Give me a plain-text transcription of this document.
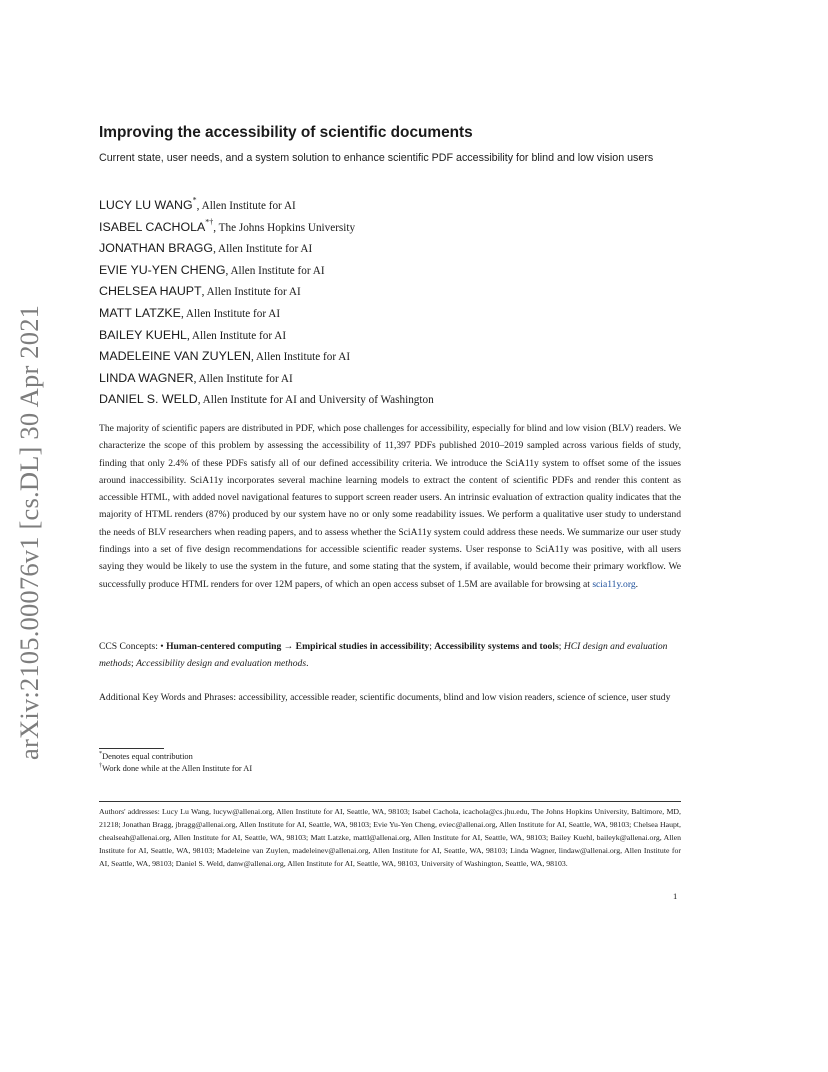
arXiv:2105.00076v1 [cs.DL] 30 Apr 2021
Improving the accessibility of scientific documents
Current state, user needs, and a system solution to enhance scientific PDF accessibility for blind and low vision users
LUCY LU WANG*, Allen Institute for AI
ISABEL CACHOLA*†, The Johns Hopkins University
JONATHAN BRAGG, Allen Institute for AI
EVIE YU-YEN CHENG, Allen Institute for AI
CHELSEA HAUPT, Allen Institute for AI
MATT LATZKE, Allen Institute for AI
BAILEY KUEHL, Allen Institute for AI
MADELEINE VAN ZUYLEN, Allen Institute for AI
LINDA WAGNER, Allen Institute for AI
DANIEL S. WELD, Allen Institute for AI and University of Washington
The majority of scientific papers are distributed in PDF, which pose challenges for accessibility, especially for blind and low vision (BLV) readers. We characterize the scope of this problem by assessing the accessibility of 11,397 PDFs published 2010–2019 sampled across various fields of study, finding that only 2.4% of these PDFs satisfy all of our defined accessibility criteria. We introduce the SciA11y system to offset some of the issues around inaccessibility. SciA11y incorporates several machine learning models to extract the content of scientific PDFs and render this content as accessible HTML, with added novel navigational features to support screen reader users. An intrinsic evaluation of extraction quality indicates that the majority of HTML renders (87%) produced by our system have no or only some readability issues. We perform a qualitative user study to understand the needs of BLV researchers when reading papers, and to assess whether the SciA11y system could address these needs. We summarize our user study findings into a set of five design recommendations for accessible scientific reader systems. User response to SciA11y was positive, with all users saying they would be likely to use the system in the future, and some stating that the system, if available, would become their primary workflow. We successfully produce HTML renders for over 12M papers, of which an open access subset of 1.5M are available for browsing at scia11y.org.
CCS Concepts: • Human-centered computing → Empirical studies in accessibility; Accessibility systems and tools; HCI design and evaluation methods; Accessibility design and evaluation methods.
Additional Key Words and Phrases: accessibility, accessible reader, scientific documents, blind and low vision readers, science of science, user study
*Denotes equal contribution
†Work done while at the Allen Institute for AI
Authors' addresses: Lucy Lu Wang, lucyw@allenai.org, Allen Institute for AI, Seattle, WA, 98103; Isabel Cachola, icachola@cs.jhu.edu, The Johns Hopkins University, Baltimore, MD, 21218; Jonathan Bragg, jbragg@allenai.org, Allen Institute for AI, Seattle, WA, 98103; Evie Yu-Yen Cheng, eviec@allenai.org, Allen Institute for AI, Seattle, WA, 98103; Chelsea Haupt, chealseah@allenai.org, Allen Institute for AI, Seattle, WA, 98103; Matt Latzke, mattl@allenai.org, Allen Institute for AI, Seattle, WA, 98103; Bailey Kuehl, baileyk@allenai.org, Allen Institute for AI, Seattle, WA, 98103; Madeleine van Zuylen, madeleinev@allenai.org, Allen Institute for AI, Seattle, WA, 98103; Linda Wagner, lindaw@allenai.org, Allen Institute for AI, Seattle, WA, 98103; Daniel S. Weld, danw@allenai.org, Allen Institute for AI, Seattle, WA, 98103, University of Washington, Seattle, WA, 98103.
1
